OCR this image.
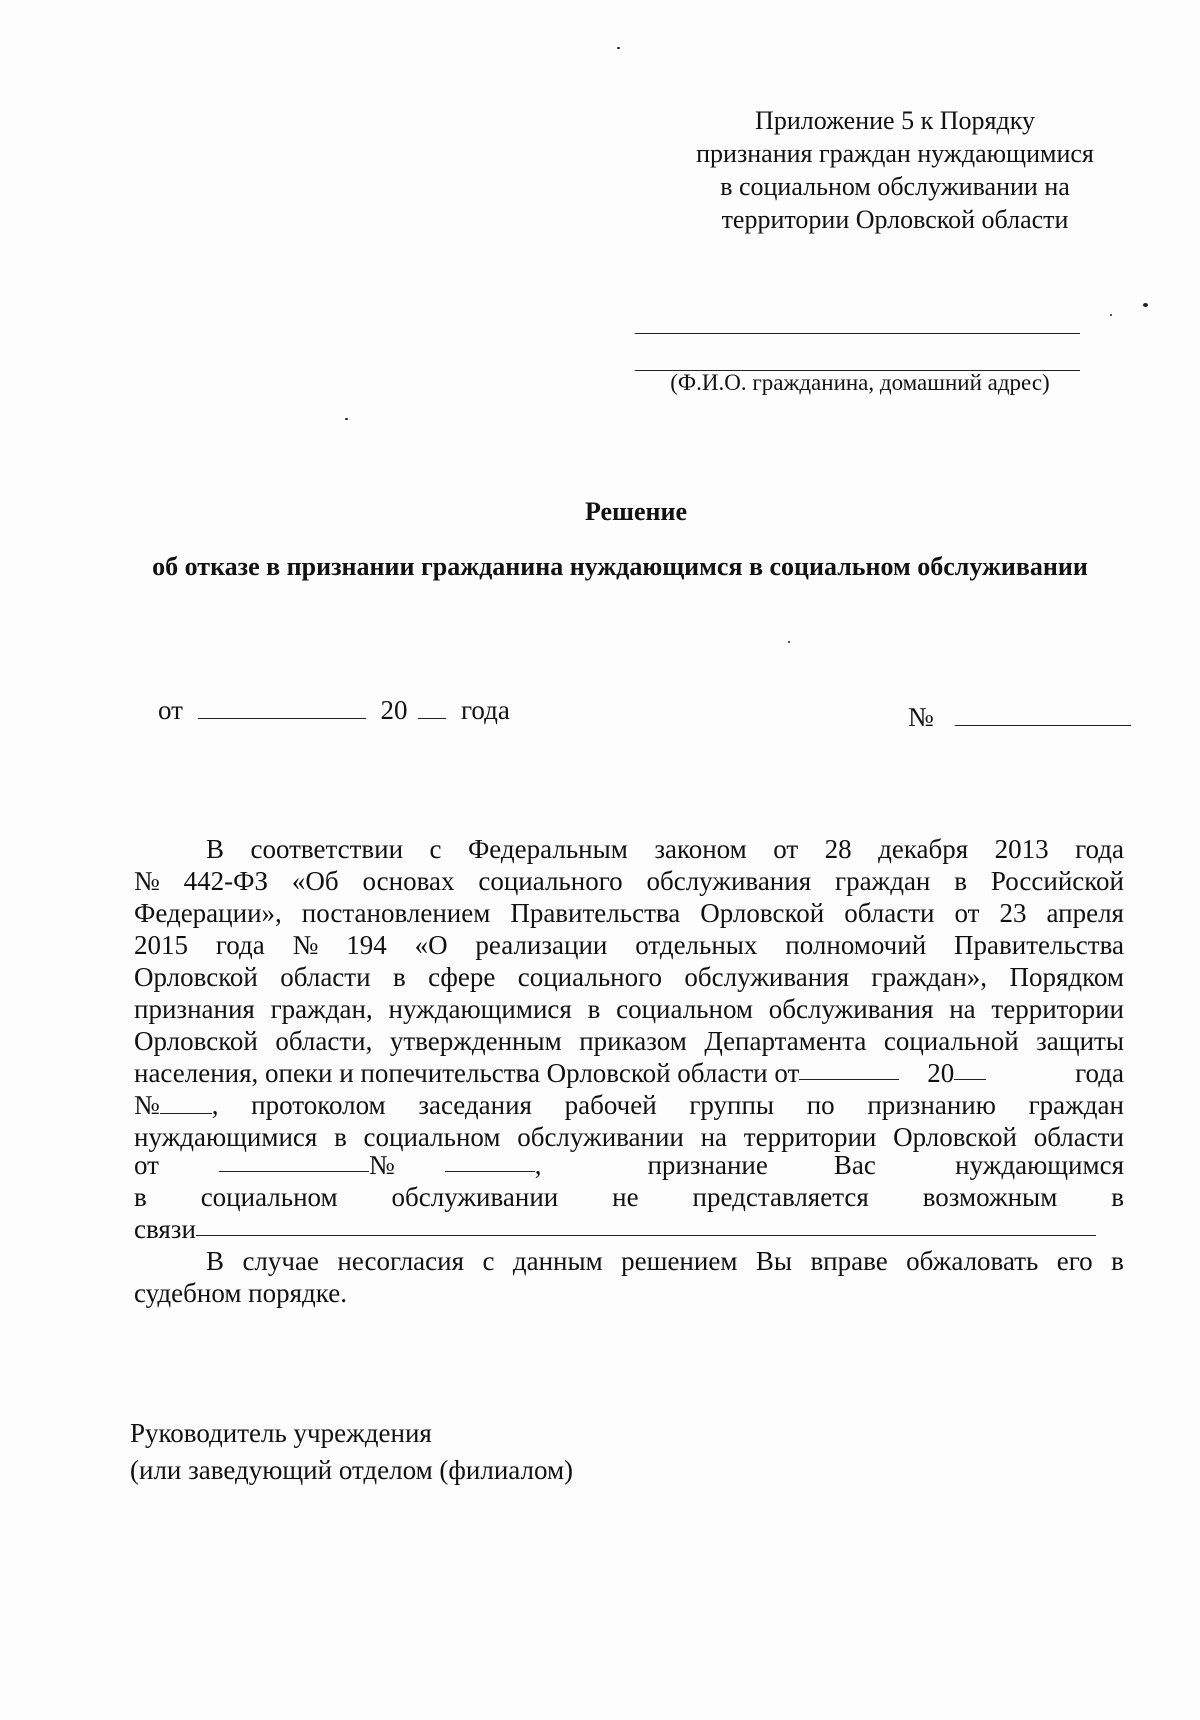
Приложение 5 к Порядку
признания граждан нуждающимися
в социальном обслуживании на
территории Орловской области
(Ф.И.О. гражданина, домашний адрес)
Решение
об отказе в признании гражданина нуждающимся в социальном обслуживании
от	20 года	№
В соответствии с Федеральным законом от 28 декабря 2013 года
№ 442-ФЗ «Об основах социального обслуживания граждан в Российской
Федерации», постановлением Правительства Орловской области от 23 апреля
2015 года № 194 «О реализации отдельных полномочий Правительства
Орловской области в сфере социального обслуживания граждан», Порядком
признания граждан, нуждающимися в социальном обслуживания на территории
Орловской области, утвержденным приказом Департамента социальной защиты
населения, опеки и попечительства Орловской области от	20	года
№ , протоколом заседания рабочей группы по признанию граждан
нуждающимися в социальном обслуживании на территории Орловской области
от	№	,	признание Вас	нуждающимся
в социальном обслуживании не представляется возможным в
связи
В случае несогласия с данным решением Вы вправе обжаловать его в
судебном порядке.
Руководитель учреждения
(или заведующий отделом (филиалом)
